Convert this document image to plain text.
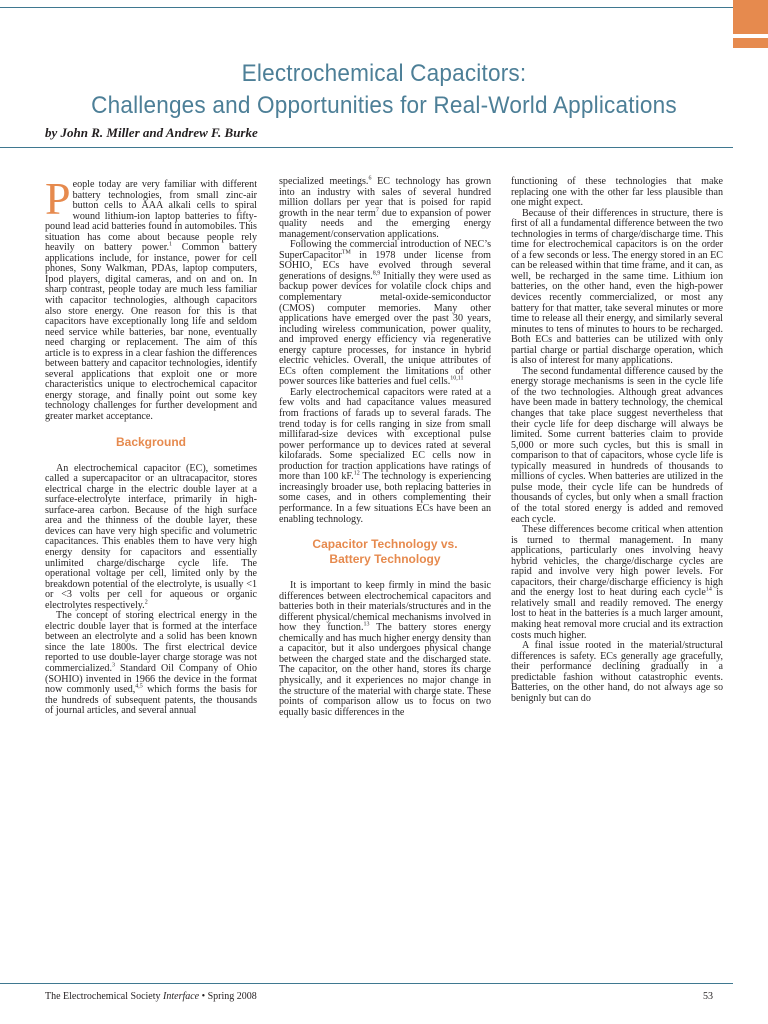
Electrochemical Capacitors:
Challenges and Opportunities for Real-World Applications
by John R. Miller and Andrew F. Burke

People today are very familiar with different battery technologies, from small zinc-air button cells to AAA alkali cells to spiral wound lithium-ion laptop batteries to fifty-pound lead acid batteries found in automobiles. This situation has come about because people rely heavily on battery power.$^1$ Common battery applications include, for instance, power for cell phones, Sony Walkman, PDAs, laptop computers, Ipod players, digital cameras, and on and on. In sharp contrast, people today are much less familiar with capacitor technologies, although capacitors also store energy. One reason for this is that capacitors have exceptionally long life and seldom need service while batteries, bar none, eventually need charging or replacement. The aim of this article is to express in a clear fashion the differences between battery and capacitor technologies, identify several applications that exploit one or more characteristics unique to electrochemical capacitor energy storage, and finally point out some key technology challenges for further development and greater market acceptance.

Background

An electrochemical capacitor (EC), sometimes called a supercapacitor or an ultracapacitor, stores electrical charge in the electric double layer at a surface-electrolyte interface, primarily in high-surface-area carbon. Because of the high surface area and the thinness of the double layer, these devices can have very high specific and volumetric capacitances. This enables them to have very high energy density for capacitors and essentially unlimited charge/discharge cycle life. The operational voltage per cell, limited only by the breakdown potential of the electrolyte, is usually <1 or <3 volts per cell for aqueous or organic electrolytes respectively.$^2$

The concept of storing electrical energy in the electric double layer that is formed at the interface between an electrolyte and a solid has been known since the late 1800s. The first electrical device reported to use double-layer charge storage was not commercialized.$^3$ Standard Oil Company of Ohio (SOHIO) invented in 1966 the device in the format now commonly used,$^{4,5}$ which forms the basis for the hundreds of subsequent patents, the thousands of journal articles, and several annual

specialized meetings.$^6$ EC technology has grown into an industry with sales of several hundred million dollars per year that is poised for rapid growth in the near term$^7$ due to expansion of power quality needs and the emerging energy management/conservation applications.

Following the commercial introduction of NEC’s SuperCapacitor™ in 1978 under license from SOHIO, ECs have evolved through several generations of designs.$^{8,9}$ Initially they were used as backup power devices for volatile clock chips and complementary metal-oxide-semiconductor (CMOS) computer memories. Many other applications have emerged over the past 30 years, including wireless communication, power quality, and improved energy efficiency via regenerative energy capture processes, for instance in hybrid electric vehicles. Overall, the unique attributes of ECs often complement the limitations of other power sources like batteries and fuel cells.$^{10,11}$

Early electrochemical capacitors were rated at a few volts and had capacitance values measured from fractions of farads up to several farads. The trend today is for cells ranging in size from small millifarad-size devices with exceptional pulse power performance up to devices rated at several kilofarads. Some specialized EC cells now in production for traction applications have ratings of more than 100 kF.$^{12}$ The technology is experiencing increasingly broader use, both replacing batteries in some cases, and in others complementing their performance. In a few situations ECs have been an enabling technology.

Capacitor Technology vs.
Battery Technology

It is important to keep firmly in mind the basic differences between electrochemical capacitors and batteries both in their materials/structures and in the different physical/chemical mechanisms involved in how they function.$^{13}$ The battery stores energy chemically and has much higher energy density than a capacitor, but it also undergoes physical change between the charged state and the discharged state. The capacitor, on the other hand, stores its charge physically, and it experiences no major change in the structure of the material with charge state. These points of comparison allow us to focus on two equally basic differences in the

functioning of these technologies that make replacing one with the other far less plausible than one might expect.

Because of their differences in structure, there is first of all a fundamental difference between the two technologies in terms of charge/discharge time. This time for electrochemical capacitors is on the order of a few seconds or less. The energy stored in an EC can be released within that time frame, and it can, as well, be recharged in the same time. Lithium ion batteries, on the other hand, even the high-power devices recently commercialized, or most any battery for that matter, take several minutes or more time to release all their energy, and similarly several minutes to tens of minutes to hours to be recharged. Both ECs and batteries can be utilized with only partial charge or partial discharge operation, which is also of interest for many applications.

The second fundamental difference caused by the energy storage mechanisms is seen in the cycle life of the two technologies. Although great advances have been made in battery technology, the chemical changes that take place suggest nevertheless that their cycle life for deep discharge will always be limited. Some current batteries claim to provide 5,000 or more such cycles, but this is small in comparison to that of capacitors, whose cycle life is typically measured in hundreds of thousands to millions of cycles. When batteries are utilized in the pulse mode, their cycle life can be hundreds of thousands of cycles, but only when a small fraction of the total stored energy is added and removed each cycle.

These differences become critical when attention is turned to thermal management. In many applications, particularly ones involving heavy hybrid vehicles, the charge/discharge cycles are rapid and involve very high power levels. For capacitors, their charge/discharge efficiency is high and the energy lost to heat during each cycle$^{14}$ is relatively small and readily removed. The energy lost to heat in the batteries is a much larger amount, making heat removal more crucial and its extraction costs much higher.

A final issue rooted in the material/structural differences is safety. ECs generally age gracefully, their performance declining gradually in a predictable fashion without catastrophic events. Batteries, on the other hand, do not always age so benignly but can do

The Electrochemical Society Interface • Spring 2008	53
